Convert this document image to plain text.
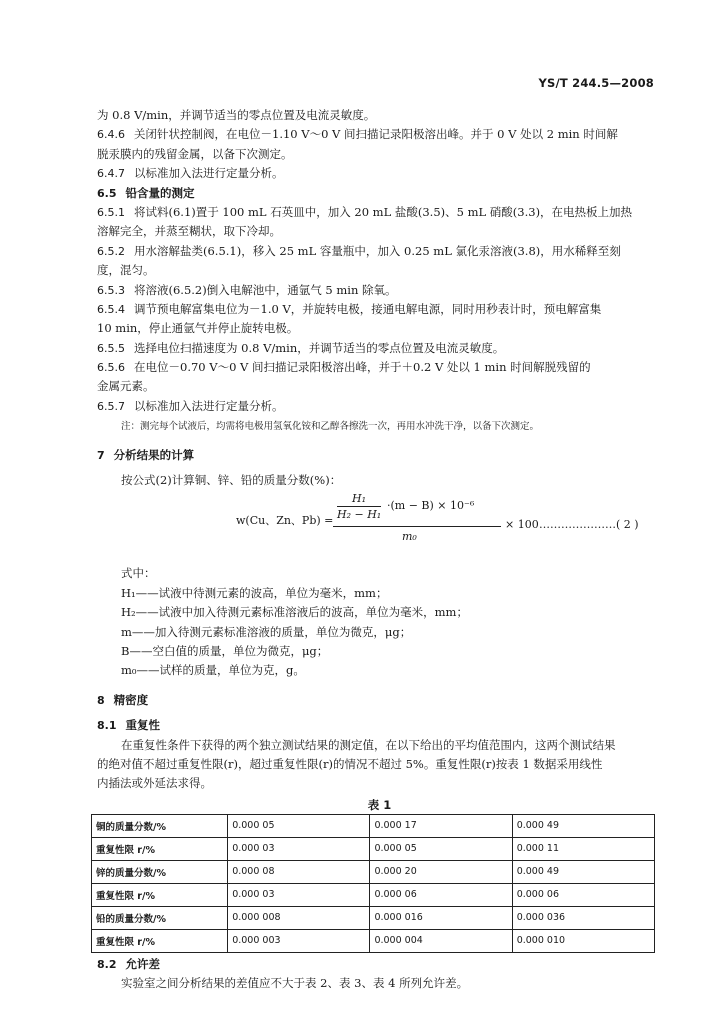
YS/T 244.5—2008
为 0.8 V/min，并调节适当的零点位置及电流灵敏度。
6.4.6 关闭针状控制阀，在电位－1.10 V～0 V 间扫描记录阳极溶出峰。并于 0 V 处以 2 min 时间解
脱汞膜内的残留金属，以备下次测定。
6.4.7 以标准加入法进行定量分析。
6.5 铅含量的测定
6.5.1 将试料(6.1)置于 100 mL 石英皿中，加入 20 mL 盐酸(3.5)、5 mL 硝酸(3.3)，在电热板上加热
溶解完全，并蒸至糊状，取下冷却。
6.5.2 用水溶解盐类(6.5.1)，移入 25 mL 容量瓶中，加入 0.25 mL 氯化汞溶液(3.8)，用水稀释至刻
度，混匀。
6.5.3 将溶液(6.5.2)倒入电解池中，通氩气 5 min 除氧。
6.5.4 调节预电解富集电位为－1.0 V，并旋转电极，接通电解电源，同时用秒表计时，预电解富集
10 min，停止通氩气并停止旋转电极。
6.5.5 选择电位扫描速度为 0.8 V/min，并调节适当的零点位置及电流灵敏度。
6.5.6 在电位－0.70 V～0 V 间扫描记录阳极溶出峰，并于＋0.2 V 处以 1 min 时间解脱残留的
金属元素。
6.5.7 以标准加入法进行定量分析。
注：测完每个试液后，均需将电极用氢氧化铵和乙醇各擦洗一次，再用水冲洗干净，以备下次测定。
7 分析结果的计算
按公式(2)计算铜、锌、铅的质量分数(%)：
w(Cu、Zn、Pb) =
H₁
H₂ − H₁
·(m − B) × 10⁻⁶
m₀
× 100 …………………( 2 )
式中：
H₁——试液中待测元素的波高，单位为毫米，mm；
H₂——试液中加入待测元素标准溶液后的波高，单位为毫米，mm；
m——加入待测元素标准溶液的质量，单位为微克，μg；
B——空白值的质量，单位为微克，μg；
m₀——试样的质量，单位为克，g。
8 精密度
8.1 重复性
在重复性条件下获得的两个独立测试结果的测定值，在以下给出的平均值范围内，这两个测试结果
的绝对值不超过重复性限(r)，超过重复性限(r)的情况不超过 5%。重复性限(r)按表 1 数据采用线性
内插法或外延法求得。
表 1
铜的质量分数/%	0.000 05	0.000 17	0.000 49
重复性限 r/%	0.000 03	0.000 05	0.000 11
锌的质量分数/%	0.000 08	0.000 20	0.000 49
重复性限 r/%	0.000 03	0.000 06	0.000 06
铅的质量分数/%	0.000 008	0.000 016	0.000 036
重复性限 r/%	0.000 003	0.000 004	0.000 010
8.2 允许差
实验室之间分析结果的差值应不大于表 2、表 3、表 4 所列允许差。
